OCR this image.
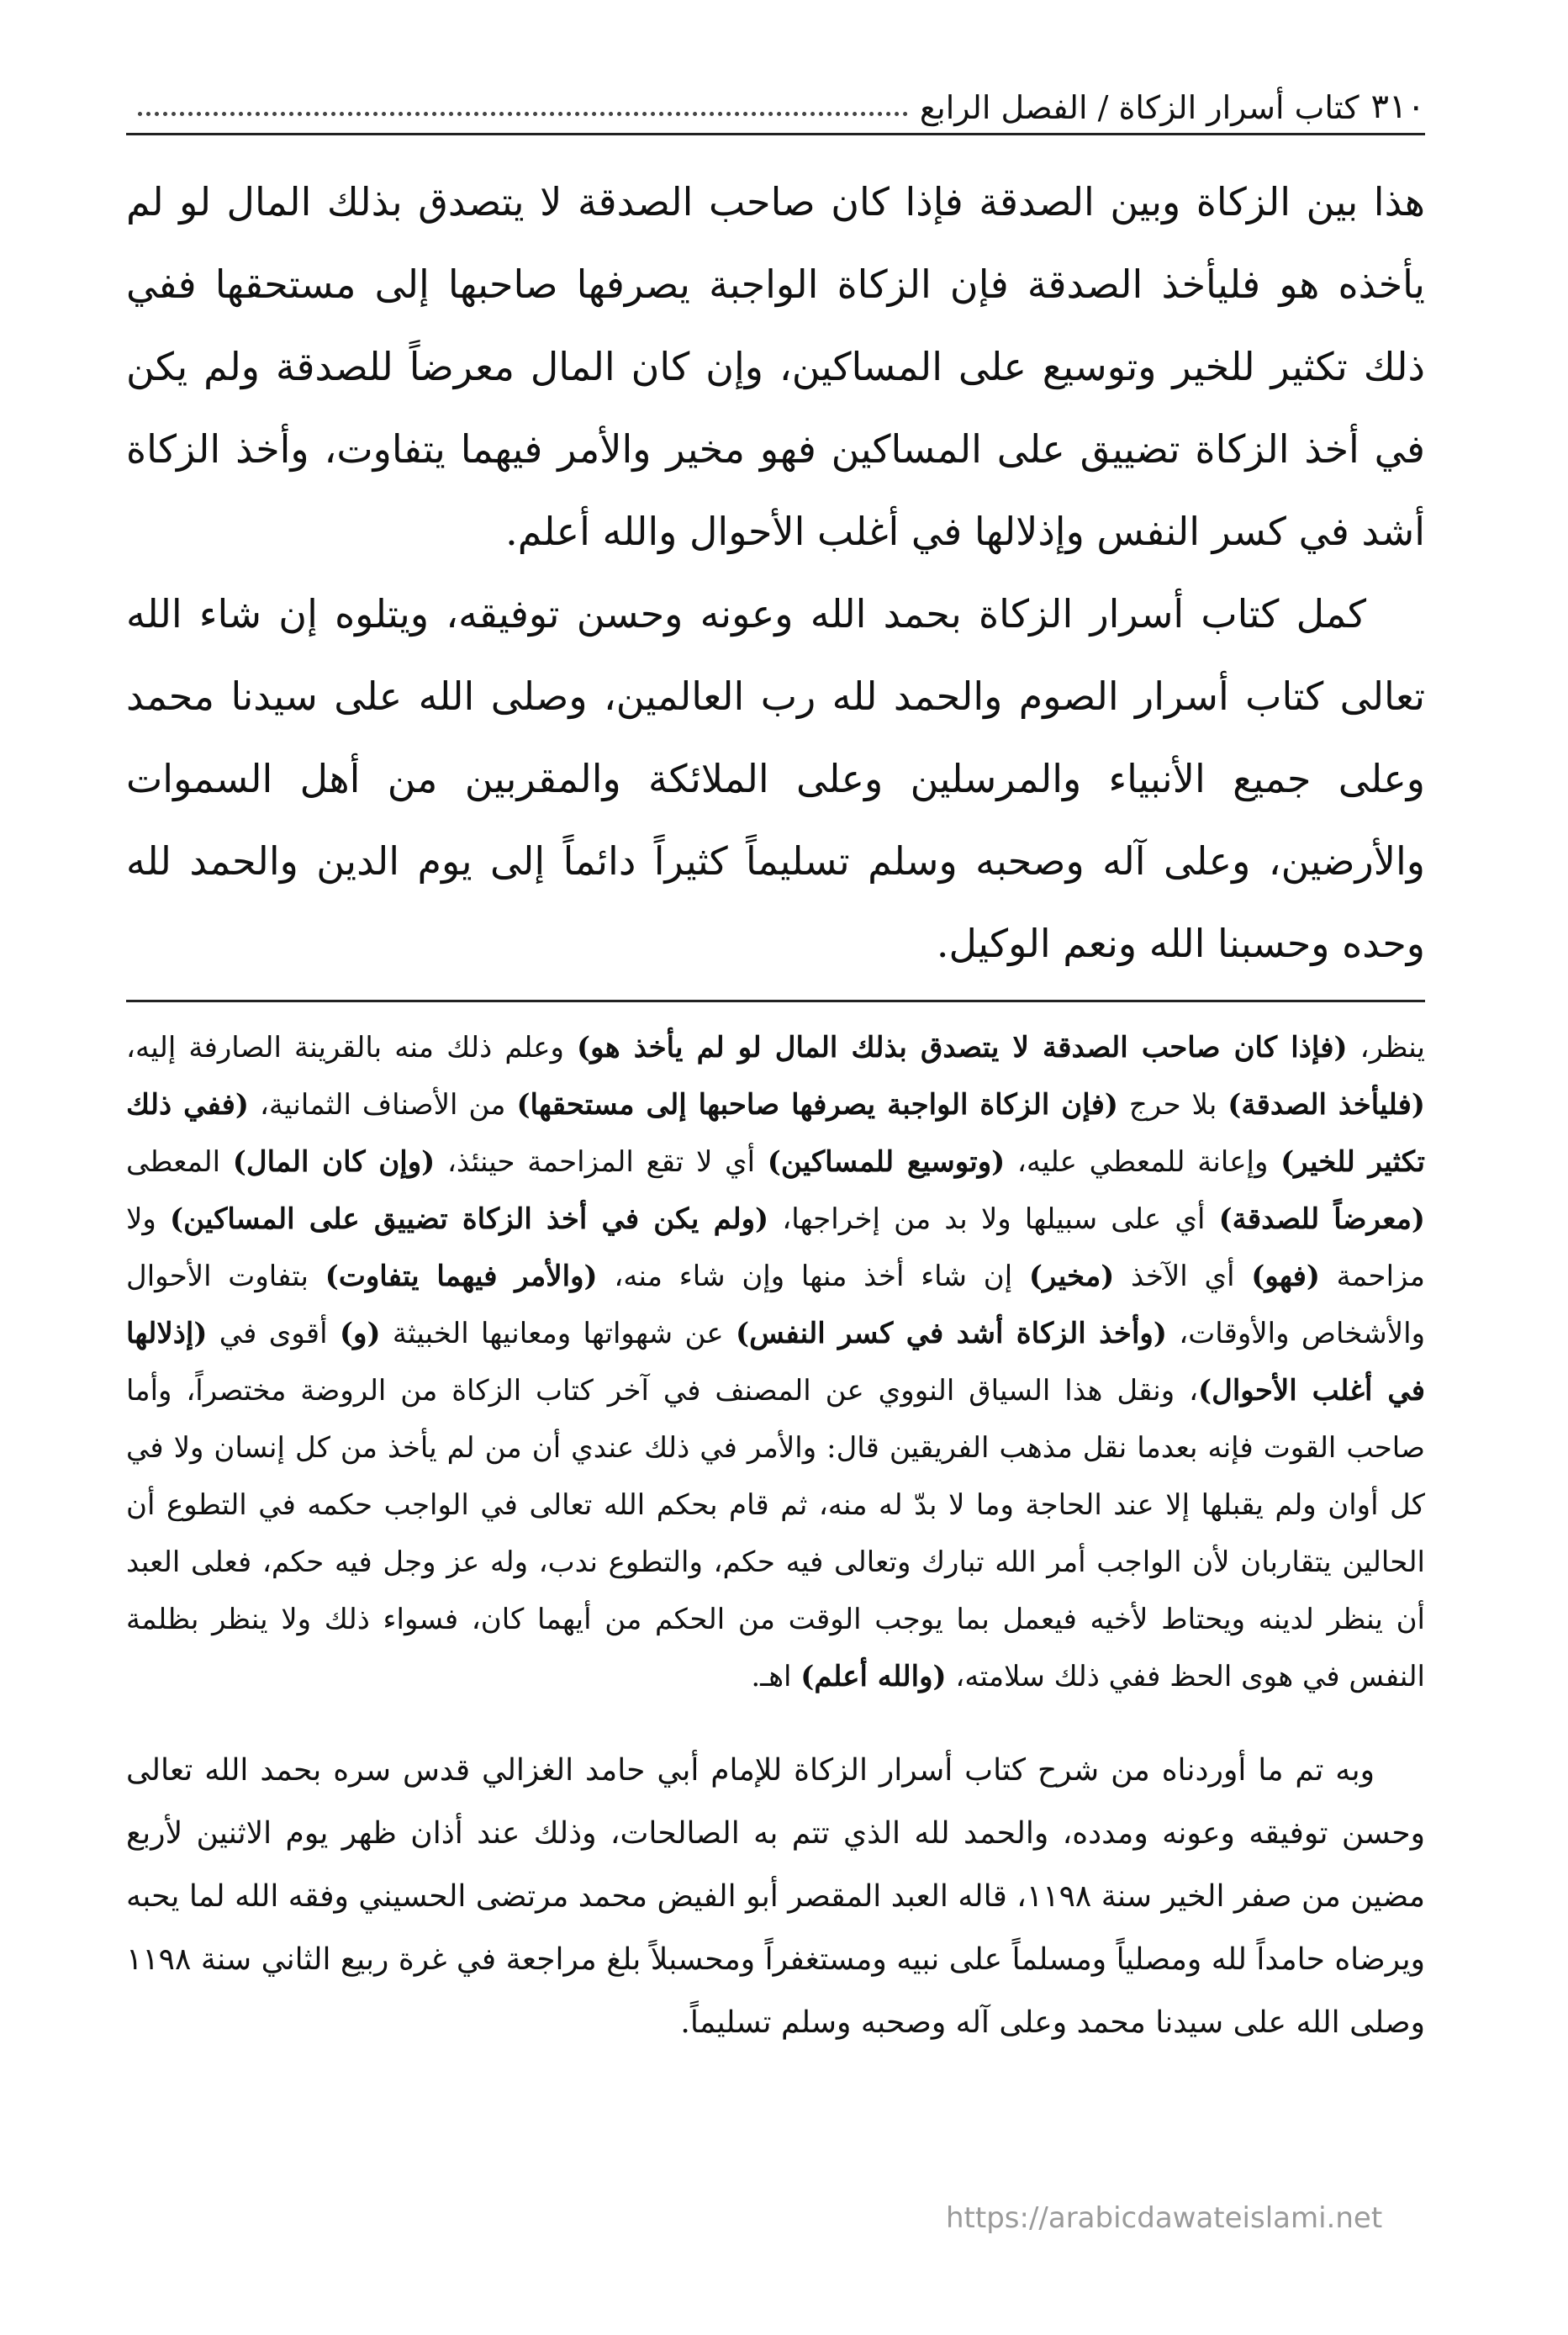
٣١٠
كتاب أسرار الزكاة / الفصل الرابع

هذا بين الزكاة وبين الصدقة فإذا كان صاحب الصدقة لا يتصدق بذلك المال لو لم يأخذه هو فليأخذ الصدقة فإن الزكاة الواجبة يصرفها صاحبها إلى مستحقها ففي ذلك تكثير للخير وتوسيع على المساكين، وإن كان المال معرضاً للصدقة ولم يكن في أخذ الزكاة تضييق على المساكين فهو مخير والأمر فيهما يتفاوت، وأخذ الزكاة أشد في كسر النفس وإذلالها في أغلب الأحوال والله أعلم.

كمل كتاب أسرار الزكاة بحمد الله وعونه وحسن توفيقه، ويتلوه إن شاء الله تعالى كتاب أسرار الصوم والحمد لله رب العالمين، وصلى الله على سيدنا محمد وعلى جميع الأنبياء والمرسلين وعلى الملائكة والمقربين من أهل السموات والأرضين، وعلى آله وصحبه وسلم تسليماً كثيراً دائماً إلى يوم الدين والحمد لله وحده وحسبنا الله ونعم الوكيل.

ينظر، (فإذا كان صاحب الصدقة لا يتصدق بذلك المال لو لم يأخذ هو) وعلم ذلك منه بالقرينة الصارفة إليه، (فليأخذ الصدقة) بلا حرج (فإن الزكاة الواجبة يصرفها صاحبها إلى مستحقها) من الأصناف الثمانية، (ففي ذلك تكثير للخير) وإعانة للمعطي عليه، (وتوسيع للمساكين) أي لا تقع المزاحمة حينئذ، (وإن كان المال) المعطى (معرضاً للصدقة) أي على سبيلها ولا بد من إخراجها، (ولم يكن في أخذ الزكاة تضييق على المساكين) ولا مزاحمة (فهو) أي الآخذ (مخير) إن شاء أخذ منها وإن شاء منه، (والأمر فيهما يتفاوت) بتفاوت الأحوال والأشخاص والأوقات، (وأخذ الزكاة أشد في كسر النفس) عن شهواتها ومعانيها الخبيثة (و) أقوى في (إذلالها في أغلب الأحوال)، ونقل هذا السياق النووي عن المصنف في آخر كتاب الزكاة من الروضة مختصراً، وأما صاحب القوت فإنه بعدما نقل مذهب الفريقين قال: والأمر في ذلك عندي أن من لم يأخذ من كل إنسان ولا في كل أوان ولم يقبلها إلا عند الحاجة وما لا بدّ له منه، ثم قام بحكم الله تعالى في الواجب حكمه في التطوع أن الحالين يتقاربان لأن الواجب أمر الله تبارك وتعالى فيه حكم، والتطوع ندب، وله عز وجل فيه حكم، فعلى العبد أن ينظر لدينه ويحتاط لأخيه فيعمل بما يوجب الوقت من الحكم من أيهما كان، فسواء ذلك ولا ينظر بظلمة النفس في هوى الحظ ففي ذلك سلامته، (والله أعلم) اهـ.

وبه تم ما أوردناه من شرح كتاب أسرار الزكاة للإمام أبي حامد الغزالي قدس سره بحمد الله تعالى وحسن توفيقه وعونه ومدده، والحمد لله الذي تتم به الصالحات، وذلك عند أذان ظهر يوم الاثنين لأربع مضين من صفر الخير سنة ١١٩٨، قاله العبد المقصر أبو الفيض محمد مرتضى الحسيني وفقه الله لما يحبه ويرضاه حامداً لله ومصلياً ومسلماً على نبيه ومستغفراً ومحسبلاً بلغ مراجعة في غرة ربيع الثاني سنة ١١٩٨ وصلى الله على سيدنا محمد وعلى آله وصحبه وسلم تسليماً.

https://arabicdawateislami.net
